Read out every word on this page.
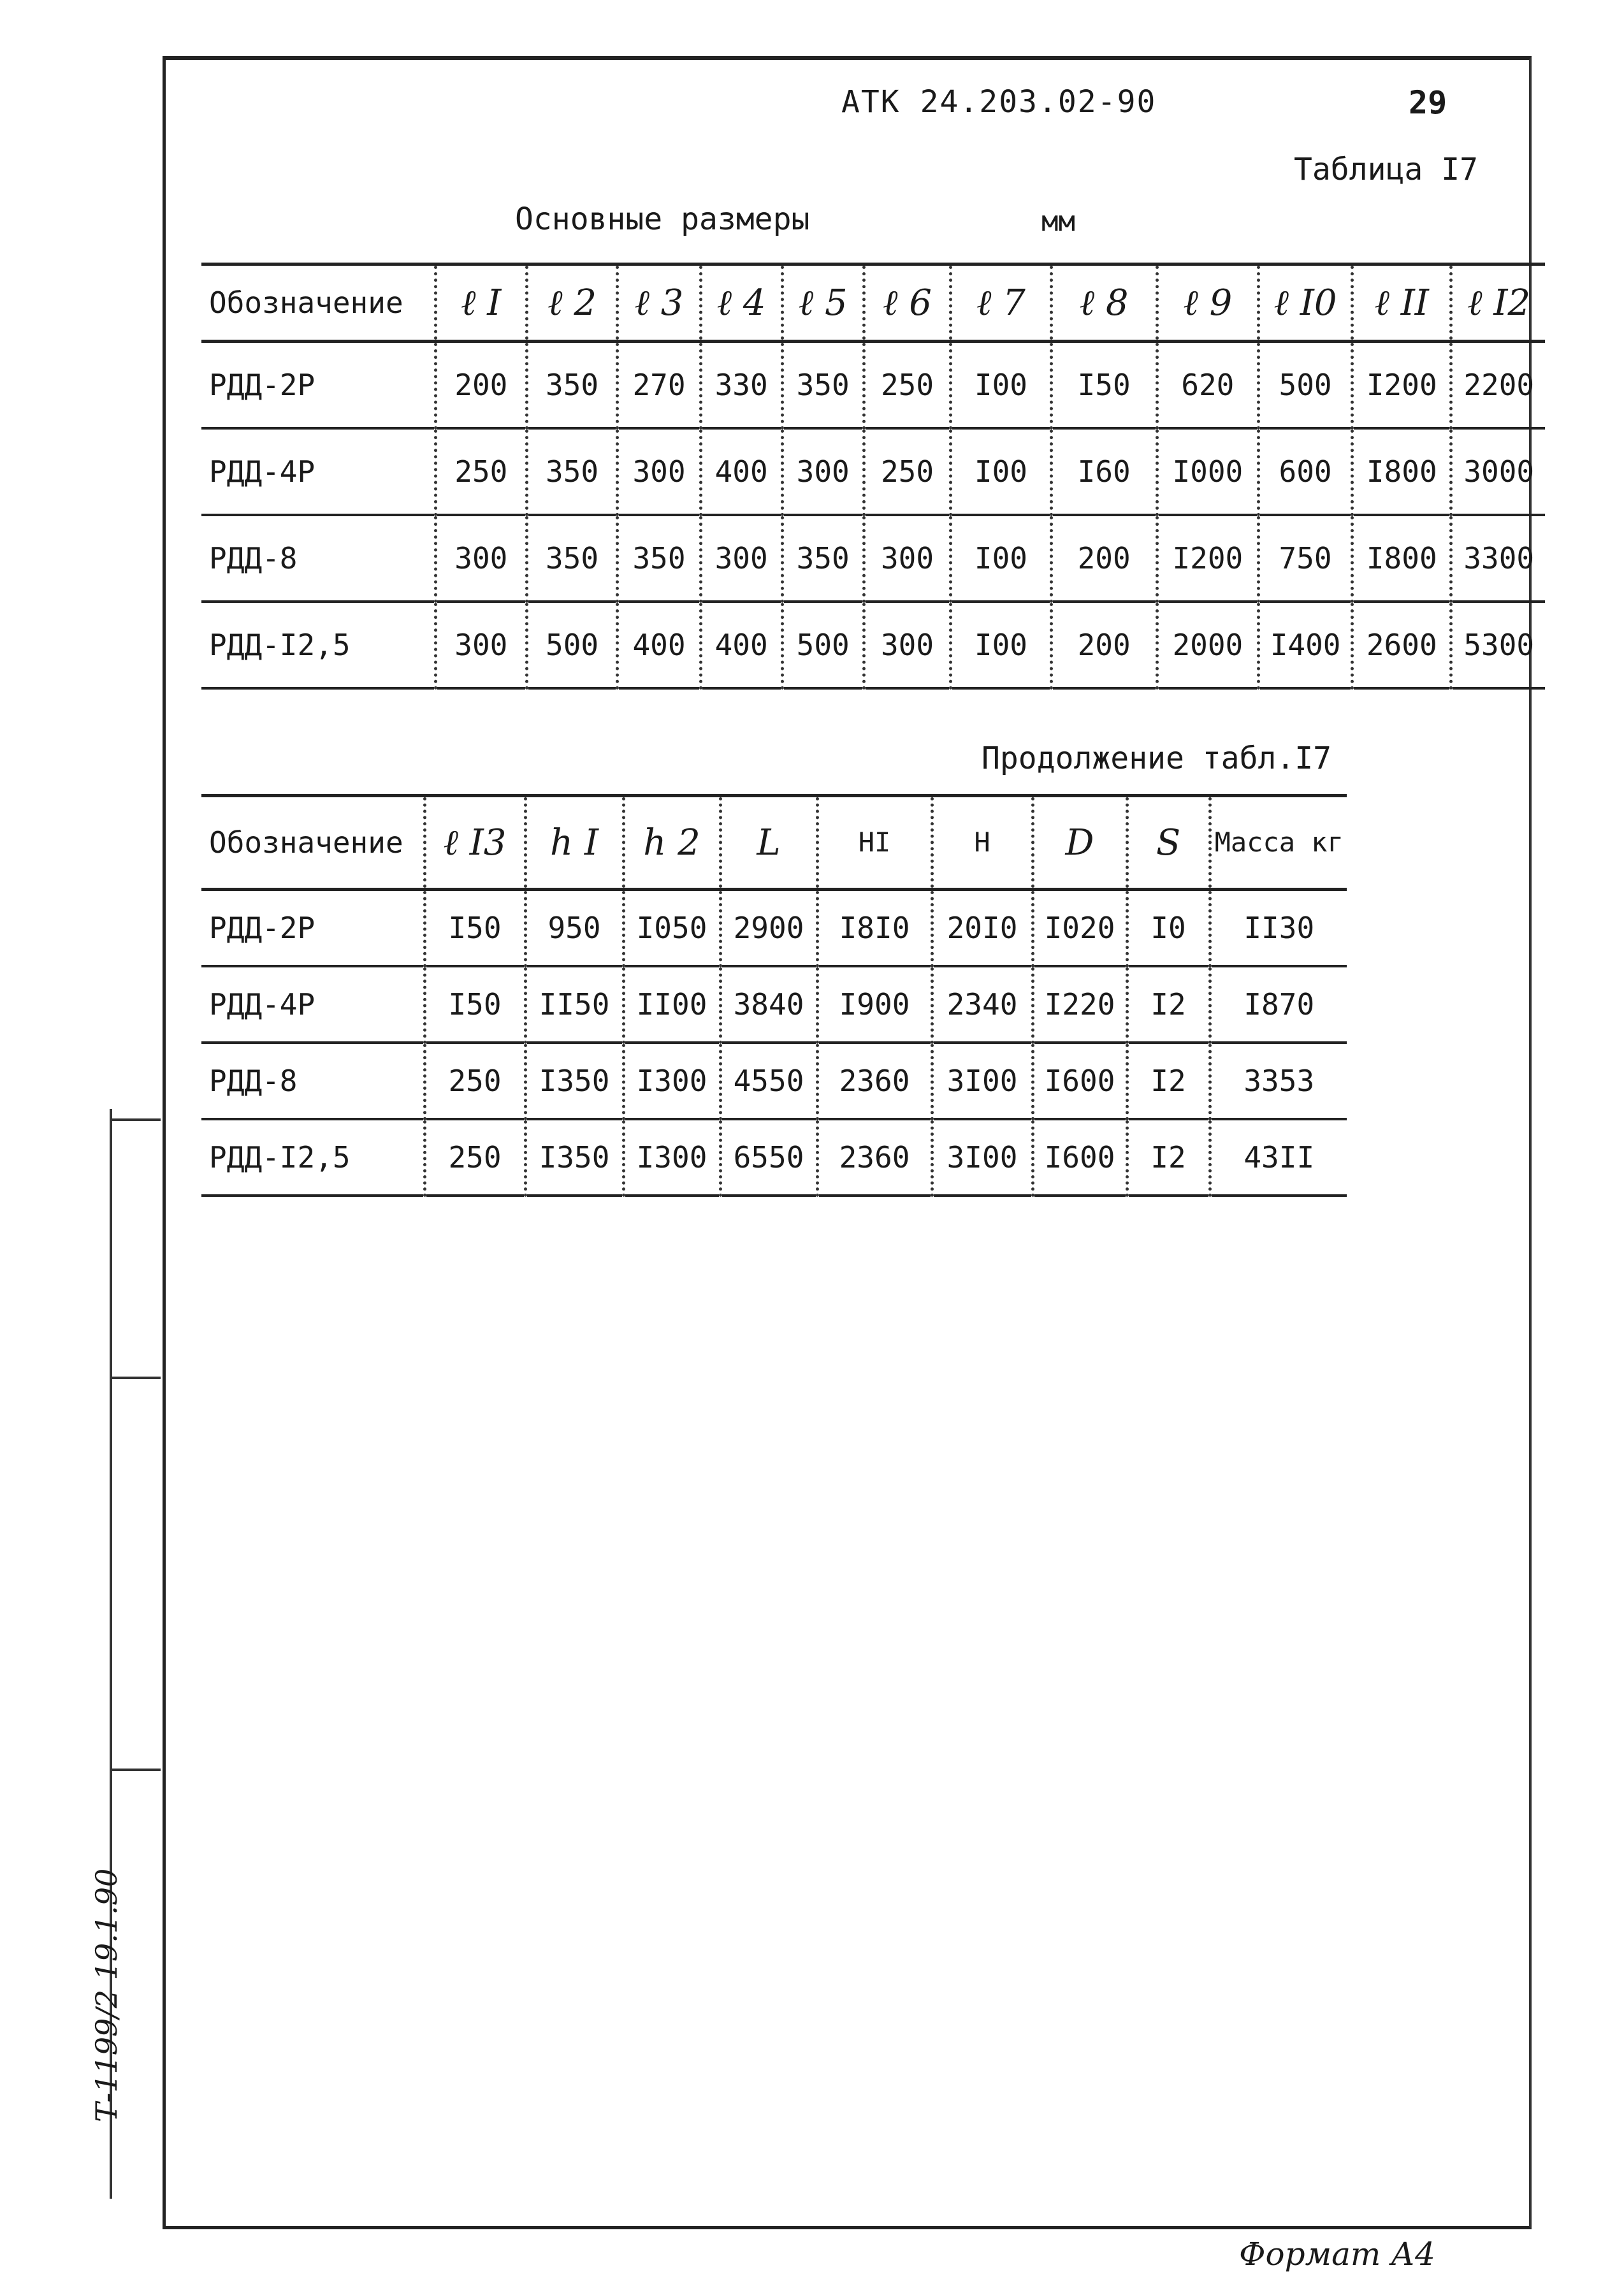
АТК 24.203.02-90	29
Таблица I7
Основные размеры	мм
Обозначение	ℓ I	ℓ 2	ℓ 3	ℓ 4	ℓ 5	ℓ 6	ℓ 7	ℓ 8	ℓ 9	ℓ I0	ℓ II	ℓ I2
РДД-2Р	200	350	270	330	350	250	I00	I50	620	500	I200	2200
РДД-4Р	250	350	300	400	300	250	I00	I60	I000	600	I800	3000
РДД-8	300	350	350	300	350	300	I00	200	I200	750	I800	3300
РДД-I2,5	300	500	400	400	500	300	I00	200	2000	I400	2600	5300
Продолжение табл.I7
Обозначение	ℓ I3	h I	h 2	L	HI	H	D	S	Масса кг
РДД-2Р	I50	950	I050	2900	I8I0	20I0	I020	I0	II30
РДД-4Р	I50	II50	II00	3840	I900	2340	I220	I2	I870
РДД-8	250	I350	I300	4550	2360	3I00	I600	I2	3353
РДД-I2,5	250	I350	I300	6550	2360	3I00	I600	I2	43II
Т-1199/2 19.1.90
Формат А4
